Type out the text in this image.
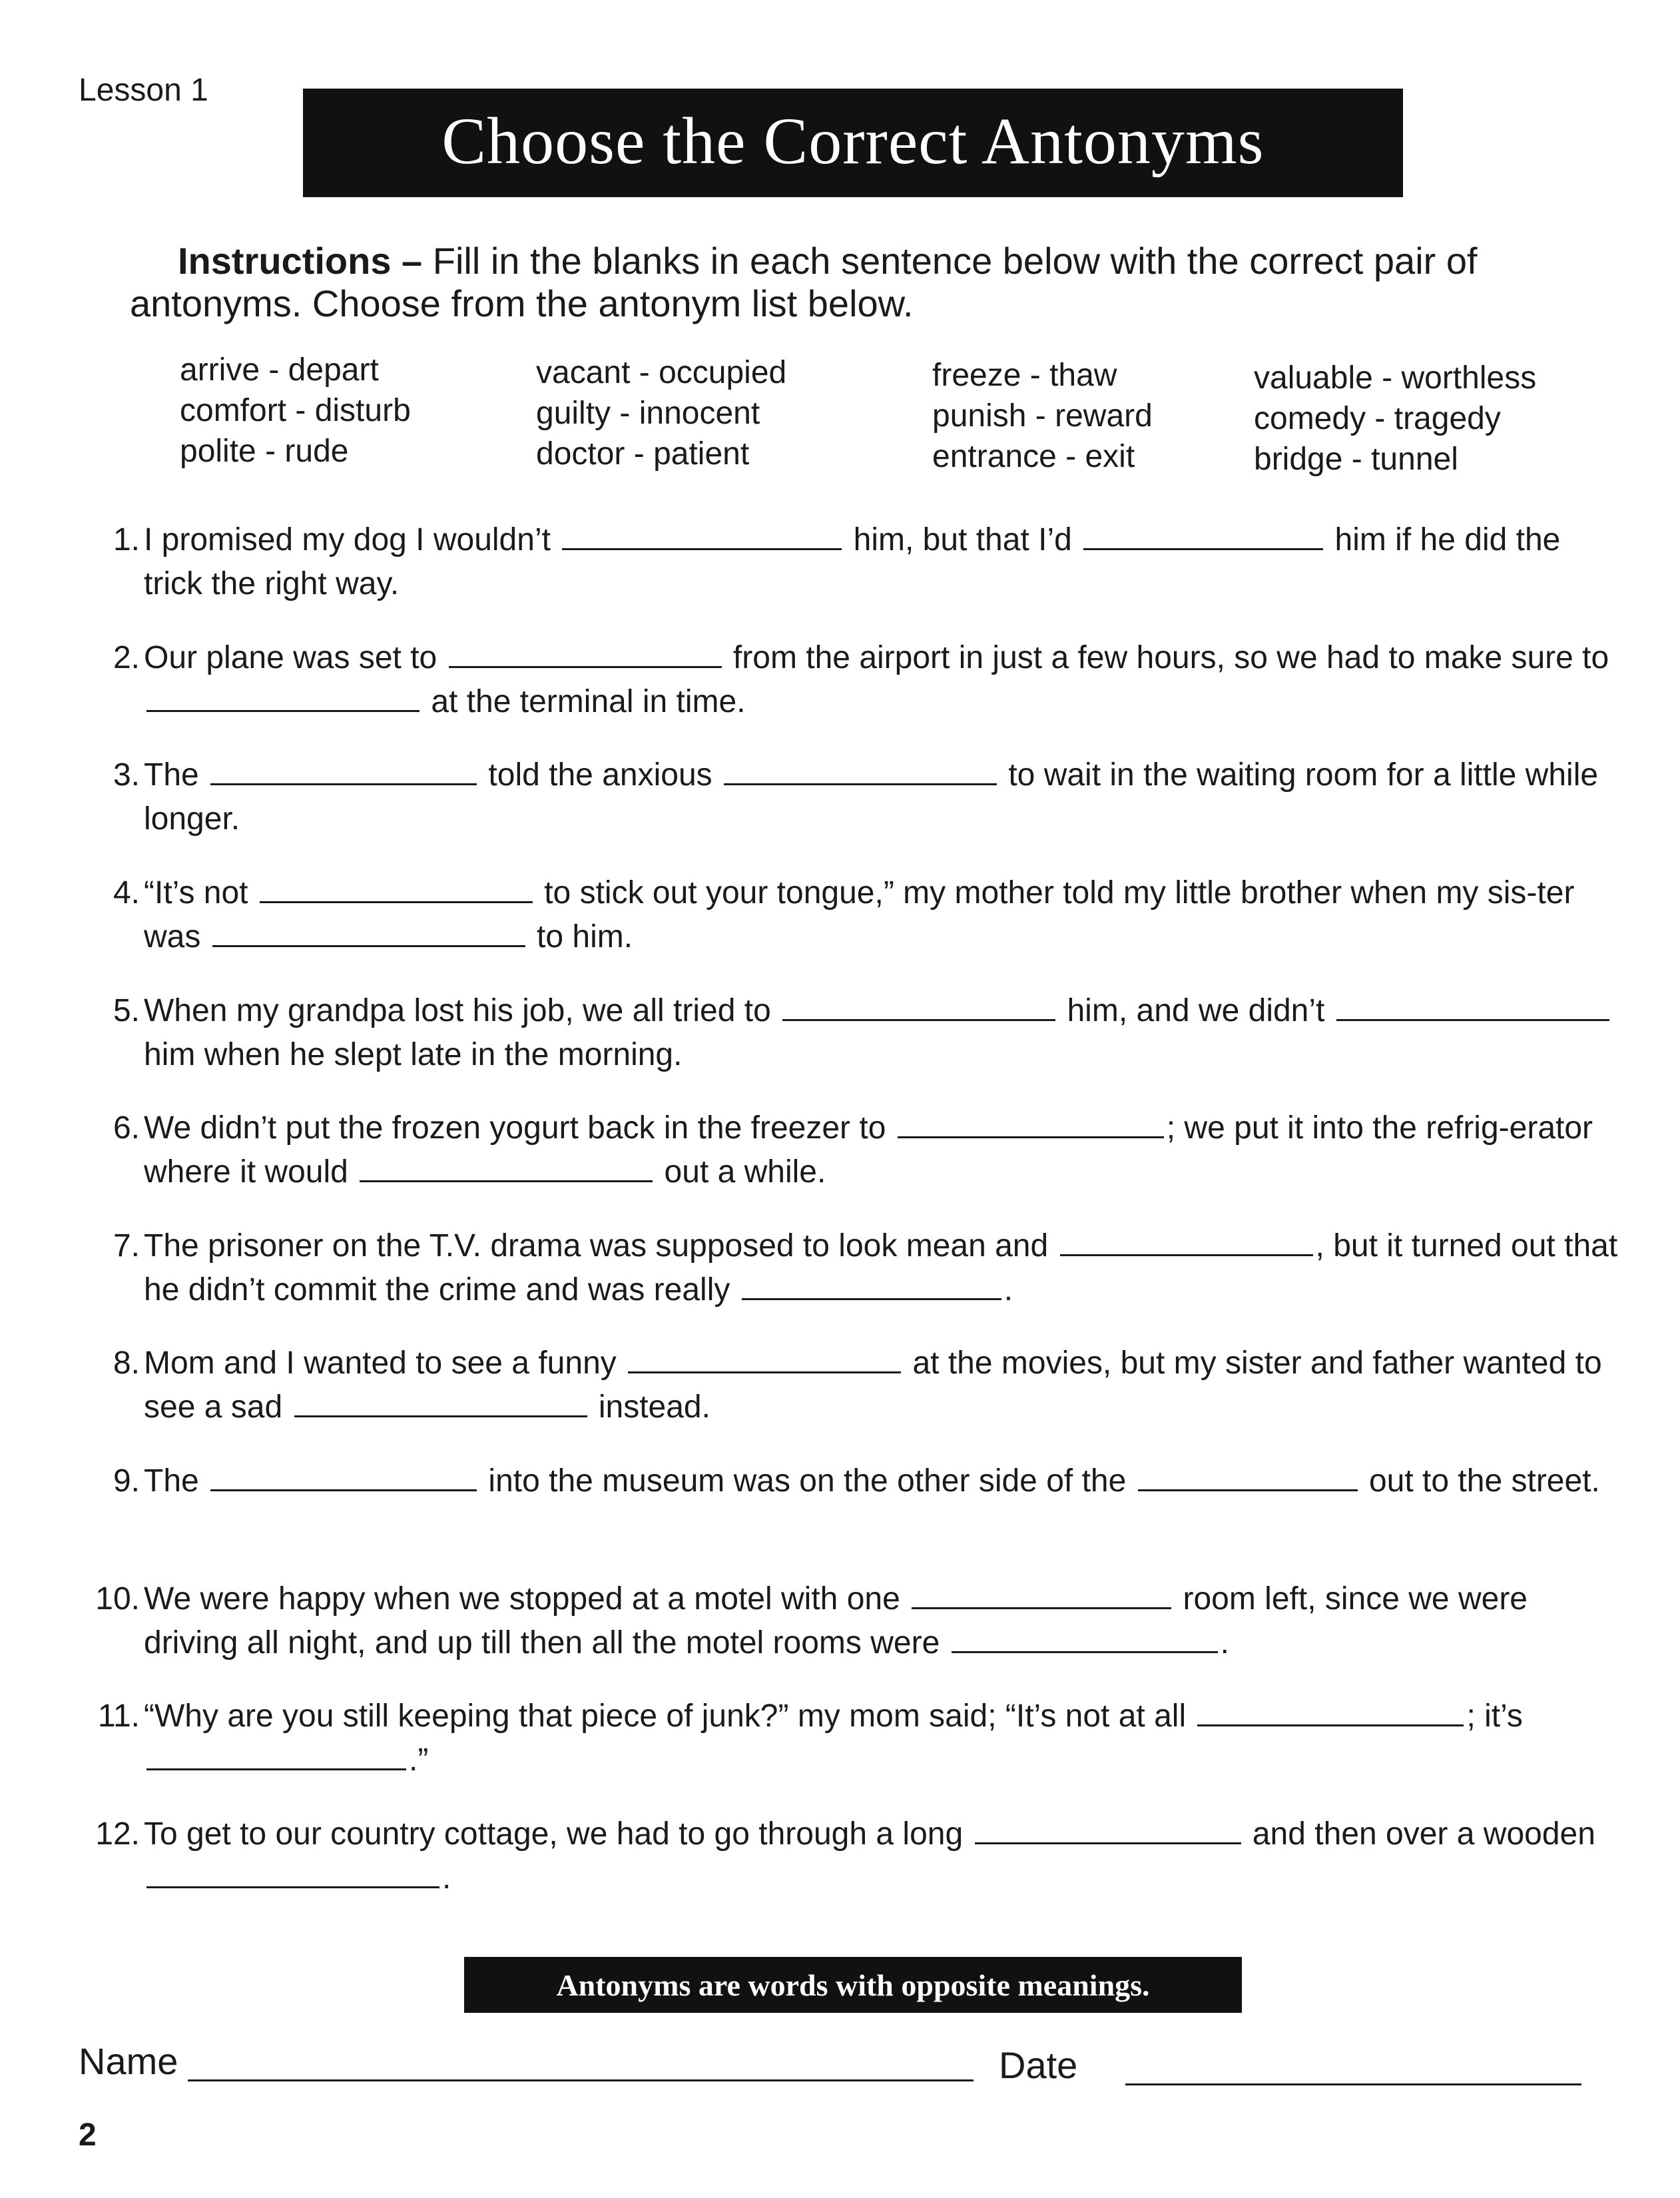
Lesson 1
Choose the Correct Antonyms
Instructions – Fill in the blanks in each sentence below with the correct pair of antonyms. Choose from the antonym list below.
arrive - depart
comfort - disturb
polite - rude
vacant - occupied
guilty - innocent
doctor - patient
freeze - thaw
punish - reward
entrance - exit
valuable - worthless
comedy - tragedy
bridge - tunnel
1. I promised my dog I wouldn’t	him, but that I’d	him if he did the trick the right way.
2. Our plane was set to	from the airport in just a few hours, so we had to make sure to  at the terminal in time.
3. The	told the anxious	to wait in the waiting room for a little while longer.
4. “It’s not	to stick out your tongue,” my mother told my little brother when my sis-ter was	to him.
5. When my grandpa lost his job, we all tried to	him, and we didn’t  him when he slept late in the morning.
6. We didn’t put the frozen yogurt back in the freezer to	; we put it into the refrig-erator where it would	out a while.
7. The prisoner on the T.V. drama was supposed to look mean and	, but it turned out that he didn’t commit the crime and was really	.
8. Mom and I wanted to see a funny	at the movies, but my sister and father wanted to see a sad	instead.
9. The	into the museum was on the other side of the	out to the street.
10. We were happy when we stopped at a motel with one	room left, since we were driving all night, and up till then all the motel rooms were	.
11. “Why are you still keeping that piece of junk?” my mom said; “It’s not at all	; it’s .”
12. To get to our country cottage, we had to go through a long	and then over a wooden .
Antonyms are words with opposite meanings.
Name	Date
2
